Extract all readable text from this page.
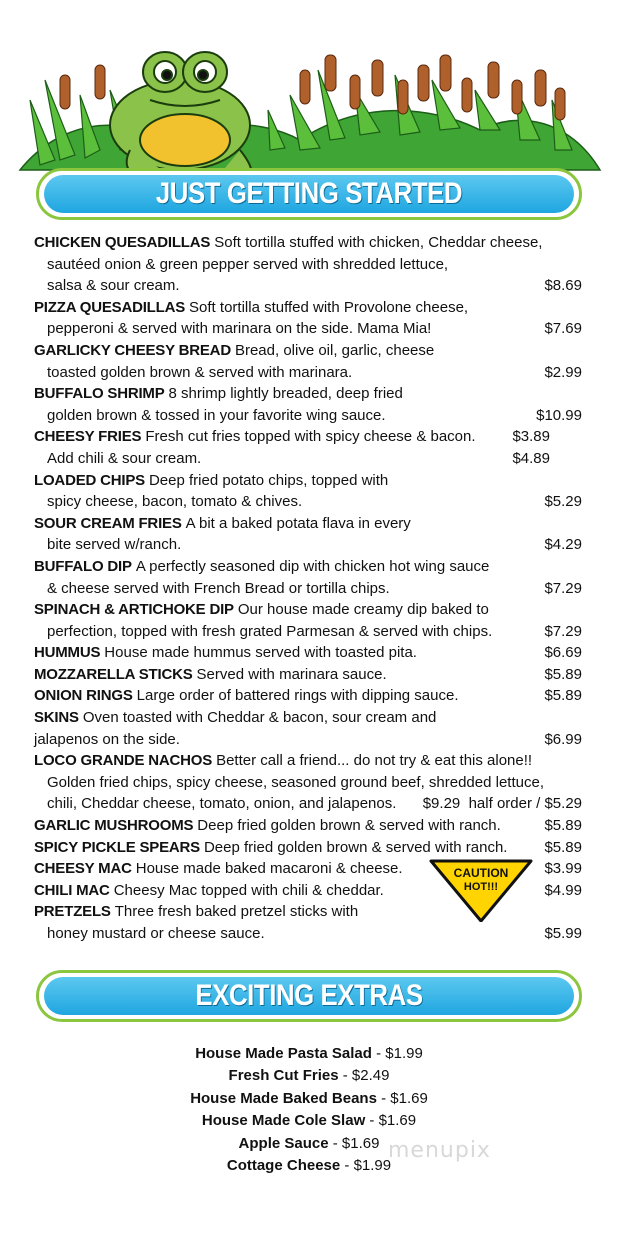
JUST GETTING STARTED
CHICKEN QUESADILLAS Soft tortilla stuffed with chicken, Cheddar cheese,
sautéed onion & green pepper served with shredded lettuce,
salsa & sour cream.	$8.69
PIZZA QUESADILLAS Soft tortilla stuffed with Provolone cheese,
pepperoni & served with marinara on the side. Mama Mia!	$7.69
GARLICKY CHEESY BREAD Bread, olive oil, garlic, cheese
toasted golden brown & served with marinara.	$2.99
BUFFALO SHRIMP 8 shrimp lightly breaded, deep fried
golden brown & tossed in your favorite wing sauce.	$10.99
CHEESY FRIES Fresh cut fries topped with spicy cheese & bacon. $3.89
Add chili & sour cream.	$4.89
LOADED CHIPS Deep fried potato chips, topped with
spicy cheese, bacon, tomato & chives.	$5.29
SOUR CREAM FRIES A bit a baked potata flava in every
bite served w/ranch.	$4.29
BUFFALO DIP A perfectly seasoned dip with chicken hot wing sauce
& cheese served with French Bread or tortilla chips.	$7.29
SPINACH & ARTICHOKE DIP Our house made creamy dip baked to
perfection, topped with fresh grated Parmesan & served with chips.	$7.29
HUMMUS House made hummus served with toasted pita.	$6.69
MOZZARELLA STICKS Served with marinara sauce.	$5.89
ONION RINGS Large order of battered rings with dipping sauce.	$5.89
SKINS Oven toasted with Cheddar & bacon, sour cream and
jalapenos on the side.	$6.99
LOCO GRANDE NACHOS Better call a friend... do not try & eat this alone!!
Golden fried chips, spicy cheese, seasoned ground beef, shredded lettuce,
chili, Cheddar cheese, tomato, onion, and jalapenos. $9.29  half order / $5.29
GARLIC MUSHROOMS Deep fried golden brown & served with ranch.	$5.89
SPICY PICKLE SPEARS Deep fried golden brown & served with ranch. $5.89
CHEESY MAC House made baked macaroni & cheese.	$3.99
CHILI MAC Cheesy Mac topped with chili & cheddar.	$4.99
PRETZELS Three fresh baked pretzel sticks with
honey mustard or cheese sauce.	$5.99
CAUTION
HOT!!!
EXCITING EXTRAS
House Made Pasta Salad - $1.99
Fresh Cut Fries - $2.49
House Made Baked Beans - $1.69
House Made Cole Slaw - $1.69
Apple Sauce - $1.69
Cottage Cheese - $1.99
menupix
